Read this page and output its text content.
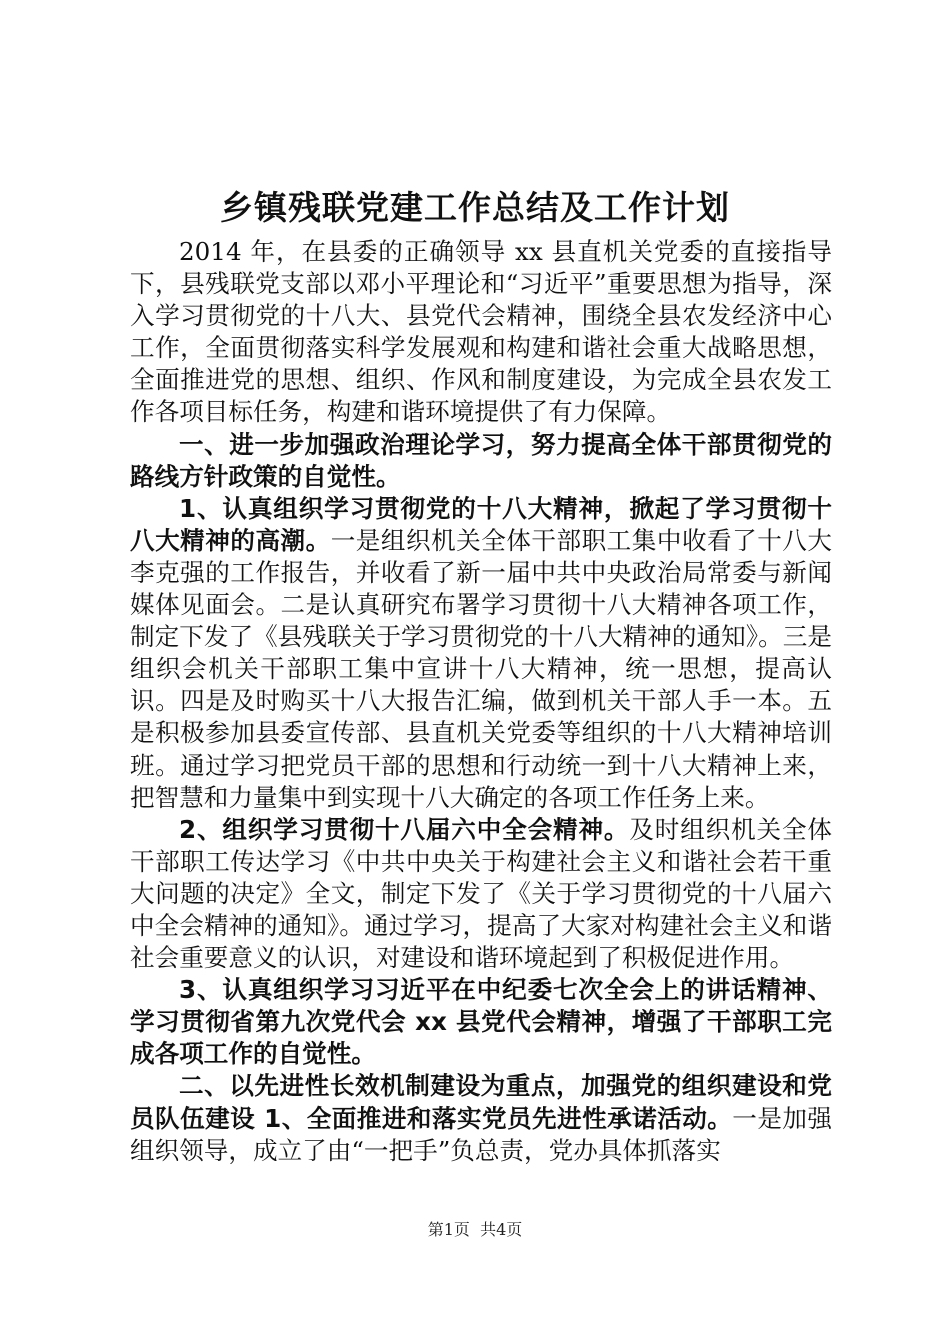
乡镇残联党建工作总结及工作计划

2014 年，在县委的正确领导 xx 县直机关党委的直接指导下，县残联党支部以邓小平理论和“习近平”重要思想为指导，深入学习贯彻党的十八大、县党代会精神，围绕全县农发经济中心工作，全面贯彻落实科学发展观和构建和谐社会重大战略思想，全面推进党的思想、组织、作风和制度建设，为完成全县农发工作各项目标任务，构建和谐环境提供了有力保障。

一、进一步加强政治理论学习，努力提高全体干部贯彻党的路线方针政策的自觉性。

1、认真组织学习贯彻党的十八大精神，掀起了学习贯彻十八大精神的高潮。一是组织机关全体干部职工集中收看了十八大李克强的工作报告，并收看了新一届中共中央政治局常委与新闻媒体见面会。二是认真研究布署学习贯彻十八大精神各项工作，制定下发了《县残联关于学习贯彻党的十八大精神的通知》。三是组织会机关干部职工集中宣讲十八大精神，统一思想，提高认识。四是及时购买十八大报告汇编，做到机关干部人手一本。五是积极参加县委宣传部、县直机关党委等组织的十八大精神培训班。通过学习把党员干部的思想和行动统一到十八大精神上来，把智慧和力量集中到实现十八大确定的各项工作任务上来。

2、组织学习贯彻十八届六中全会精神。及时组织机关全体干部职工传达学习《中共中央关于构建社会主义和谐社会若干重大问题的决定》全文，制定下发了《关于学习贯彻党的十八届六中全会精神的通知》。通过学习，提高了大家对构建社会主义和谐社会重要意义的认识，对建设和谐环境起到了积极促进作用。

3、认真组织学习习近平在中纪委七次全会上的讲话精神、学习贯彻省第九次党代会 xx 县党代会精神，增强了干部职工完成各项工作的自觉性。

二、以先进性长效机制建设为重点，加强党的组织建设和党员队伍建设 1、全面推进和落实党员先进性承诺活动。一是加强组织领导，成立了由“一把手”负总责，党办具体抓落实

第1页  共4页
